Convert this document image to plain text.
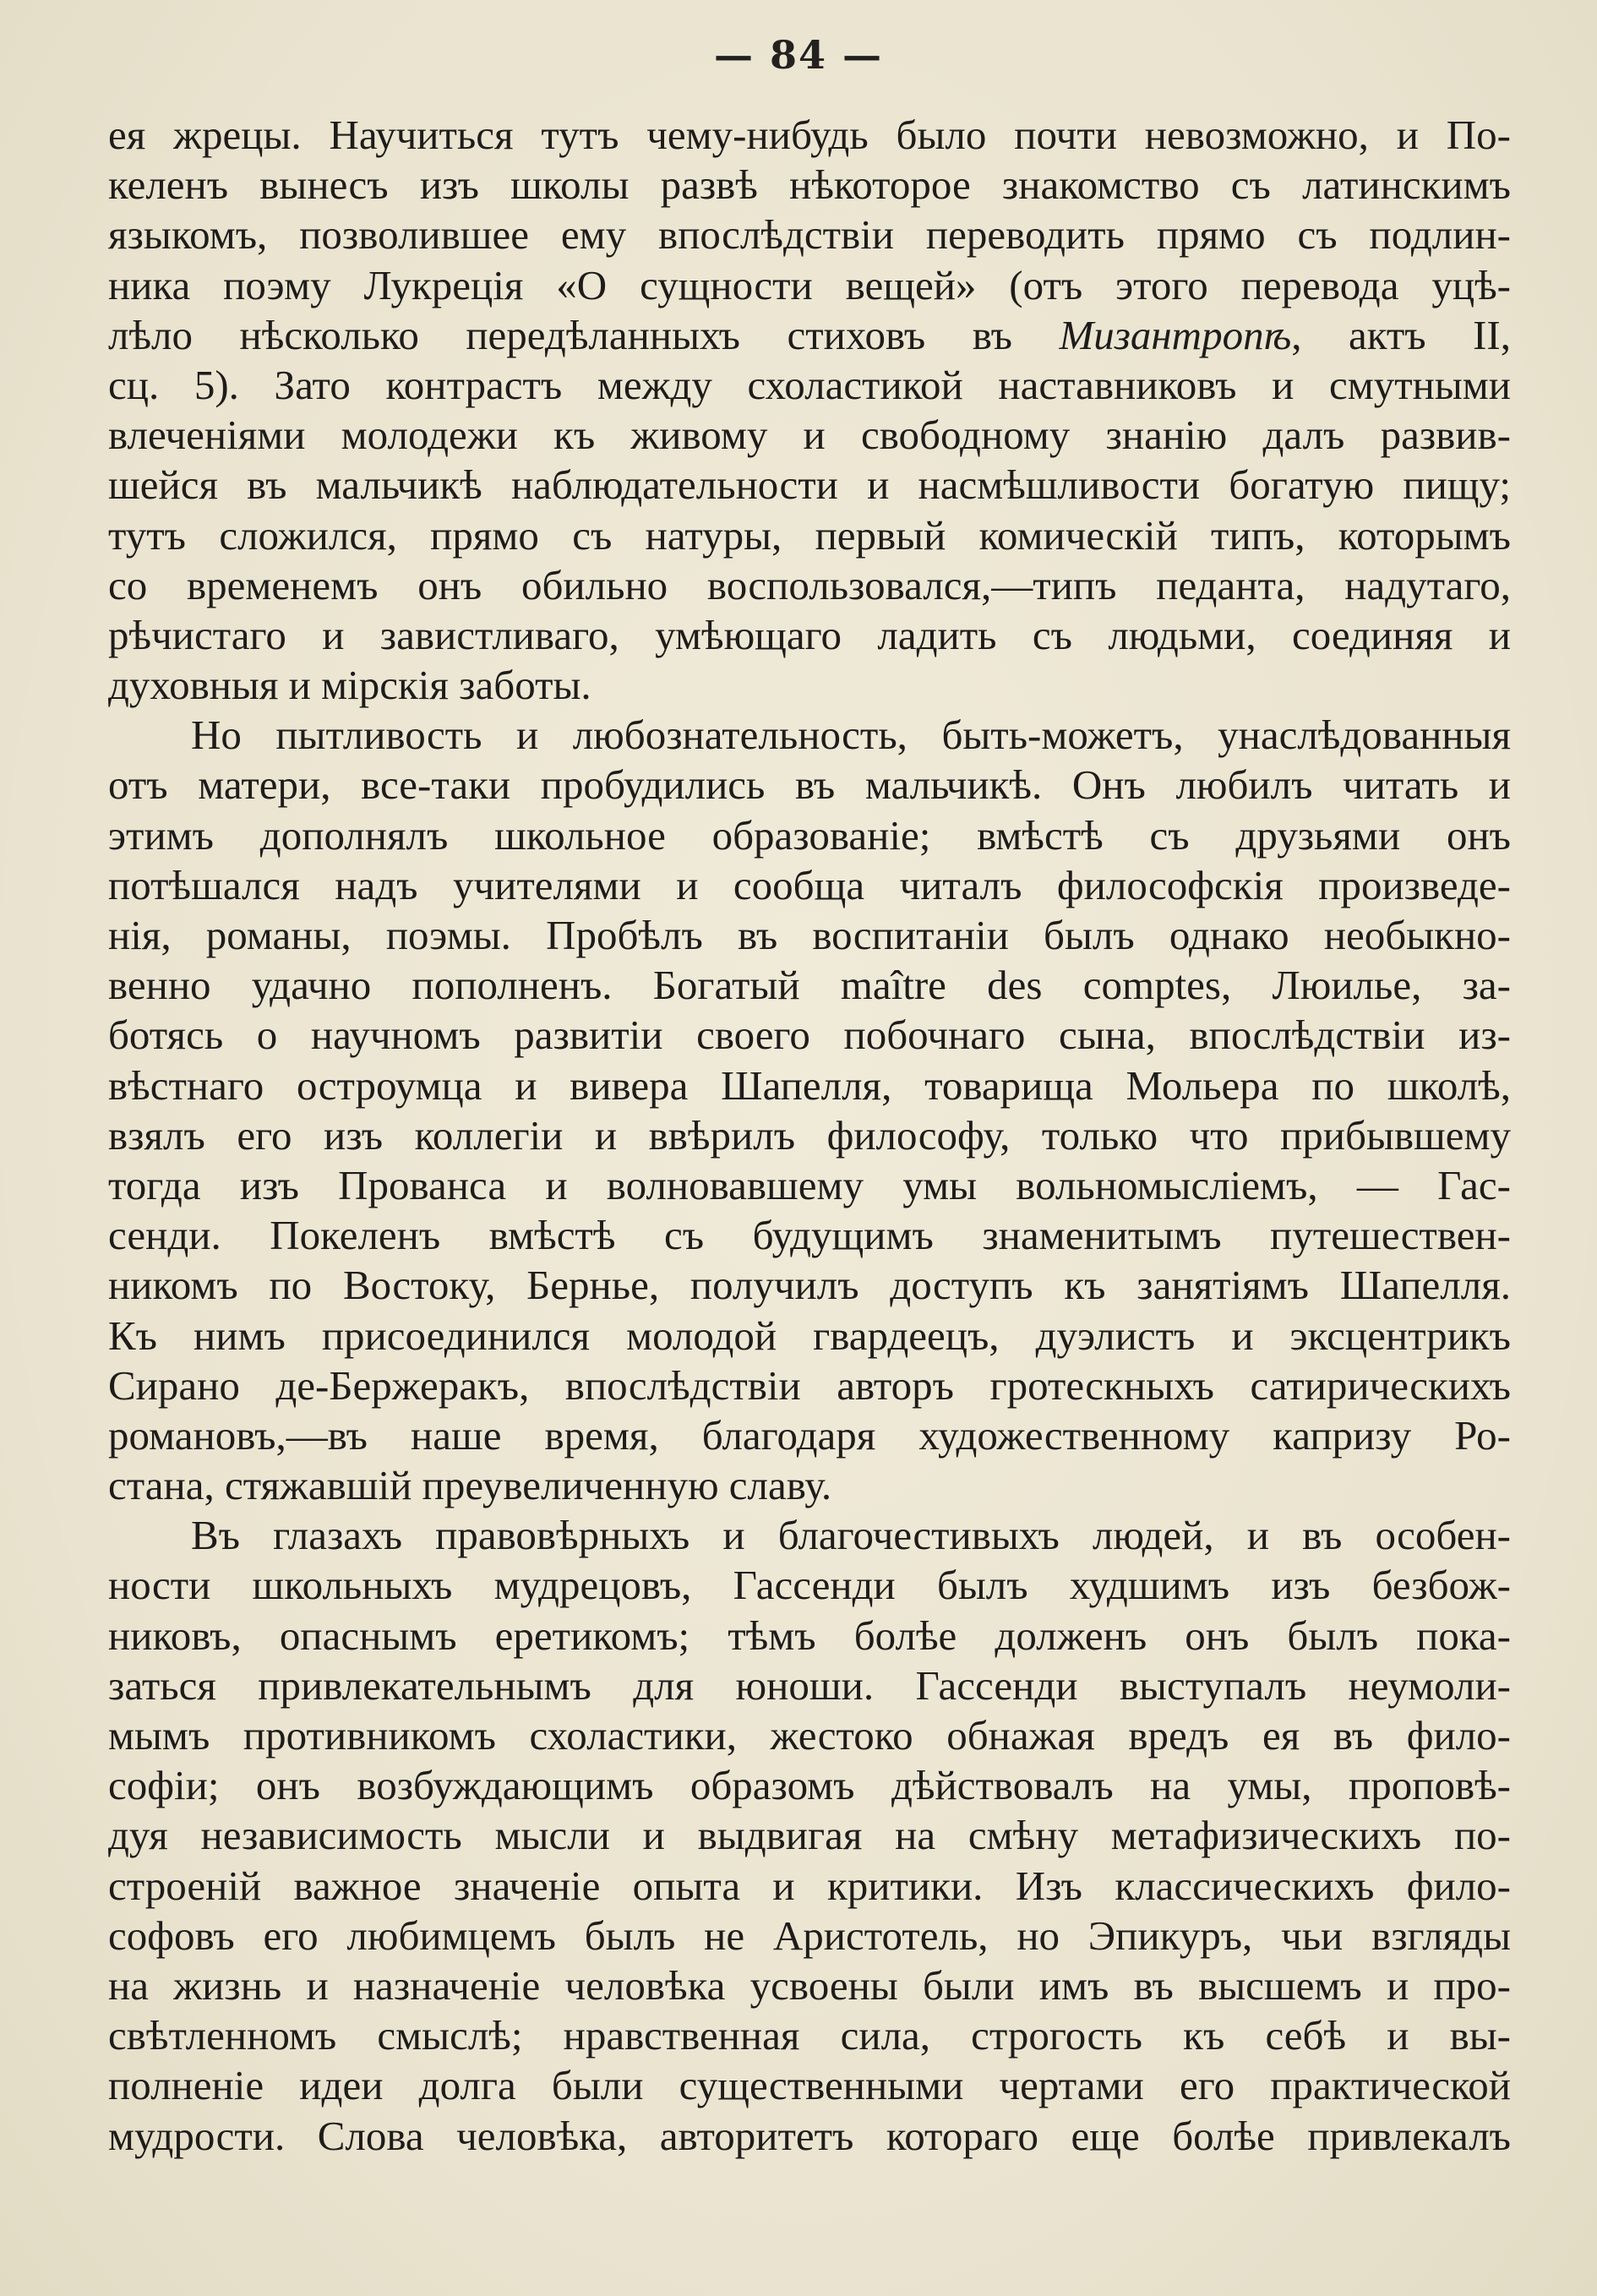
— 84 —
ея жрецы. Научиться тутъ чему-нибудь было почти невозможно, и По-
келенъ вынесъ изъ школы развѣ нѣкоторое знакомство съ латинскимъ
языкомъ, позволившее ему впослѣдствіи переводить прямо съ подлин-
ника поэму Лукреція «О сущности вещей» (отъ этого перевода уцѣ-
лѣло нѣсколько передѣланныхъ стиховъ въ Мизантропѣ, актъ II,
сц. 5). Зато контрастъ между схоластикой наставниковъ и смутными
влеченіями молодежи къ живому и свободному знанію далъ развив-
шейся въ мальчикѣ наблюдательности и насмѣшливости богатую пищу;
тутъ сложился, прямо съ натуры, первый комическій типъ, которымъ
со временемъ онъ обильно воспользовался,—типъ педанта, надутаго,
рѣчистаго и завистливаго, умѣющаго ладить съ людьми, соединяя и
духовныя и мірскія заботы.
Но пытливость и любознательность, быть-можетъ, унаслѣдованныя
отъ матери, все-таки пробудились въ мальчикѣ. Онъ любилъ читать и
этимъ дополнялъ школьное образованіе; вмѣстѣ съ друзьями онъ
потѣшался надъ учителями и сообща читалъ философскія произведе-
нія, романы, поэмы. Пробѣлъ въ воспитаніи былъ однако необыкно-
венно удачно пополненъ. Богатый maître des comptes, Люилье, за-
ботясь о научномъ развитіи своего побочнаго сына, впослѣдствіи из-
вѣстнаго остроумца и вивера Шапелля, товарища Мольера по школѣ,
взялъ его изъ коллегіи и ввѣрилъ философу, только что прибывшему
тогда изъ Прованса и волновавшему умы вольномысліемъ, — Гас-
сенди. Покеленъ вмѣстѣ съ будущимъ знаменитымъ путешествен-
никомъ по Востоку, Бернье, получилъ доступъ къ занятіямъ Шапелля.
Къ нимъ присоединился молодой гвардеецъ, дуэлистъ и эксцентрикъ
Сирано де-Бержеракъ, впослѣдствіи авторъ гротескныхъ сатирическихъ
романовъ,—въ наше время, благодаря художественному капризу Ро-
стана, стяжавшій преувеличенную славу.
Въ глазахъ правовѣрныхъ и благочестивыхъ людей, и въ особен-
ности школьныхъ мудрецовъ, Гассенди былъ худшимъ изъ безбож-
никовъ, опаснымъ еретикомъ; тѣмъ болѣе долженъ онъ былъ пока-
заться привлекательнымъ для юноши. Гассенди выступалъ неумоли-
мымъ противникомъ схоластики, жестоко обнажая вредъ ея въ фило-
софіи; онъ возбуждающимъ образомъ дѣйствовалъ на умы, проповѣ-
дуя независимость мысли и выдвигая на смѣну метафизическихъ по-
строеній важное значеніе опыта и критики. Изъ классическихъ фило-
софовъ его любимцемъ былъ не Аристотель, но Эпикуръ, чьи взгляды
на жизнь и назначеніе человѣка усвоены были имъ въ высшемъ и про-
свѣтленномъ смыслѣ; нравственная сила, строгость къ себѣ и вы-
полненіе идеи долга были существенными чертами его практической
мудрости. Слова человѣка, авторитетъ котораго еще болѣе привлекалъ
